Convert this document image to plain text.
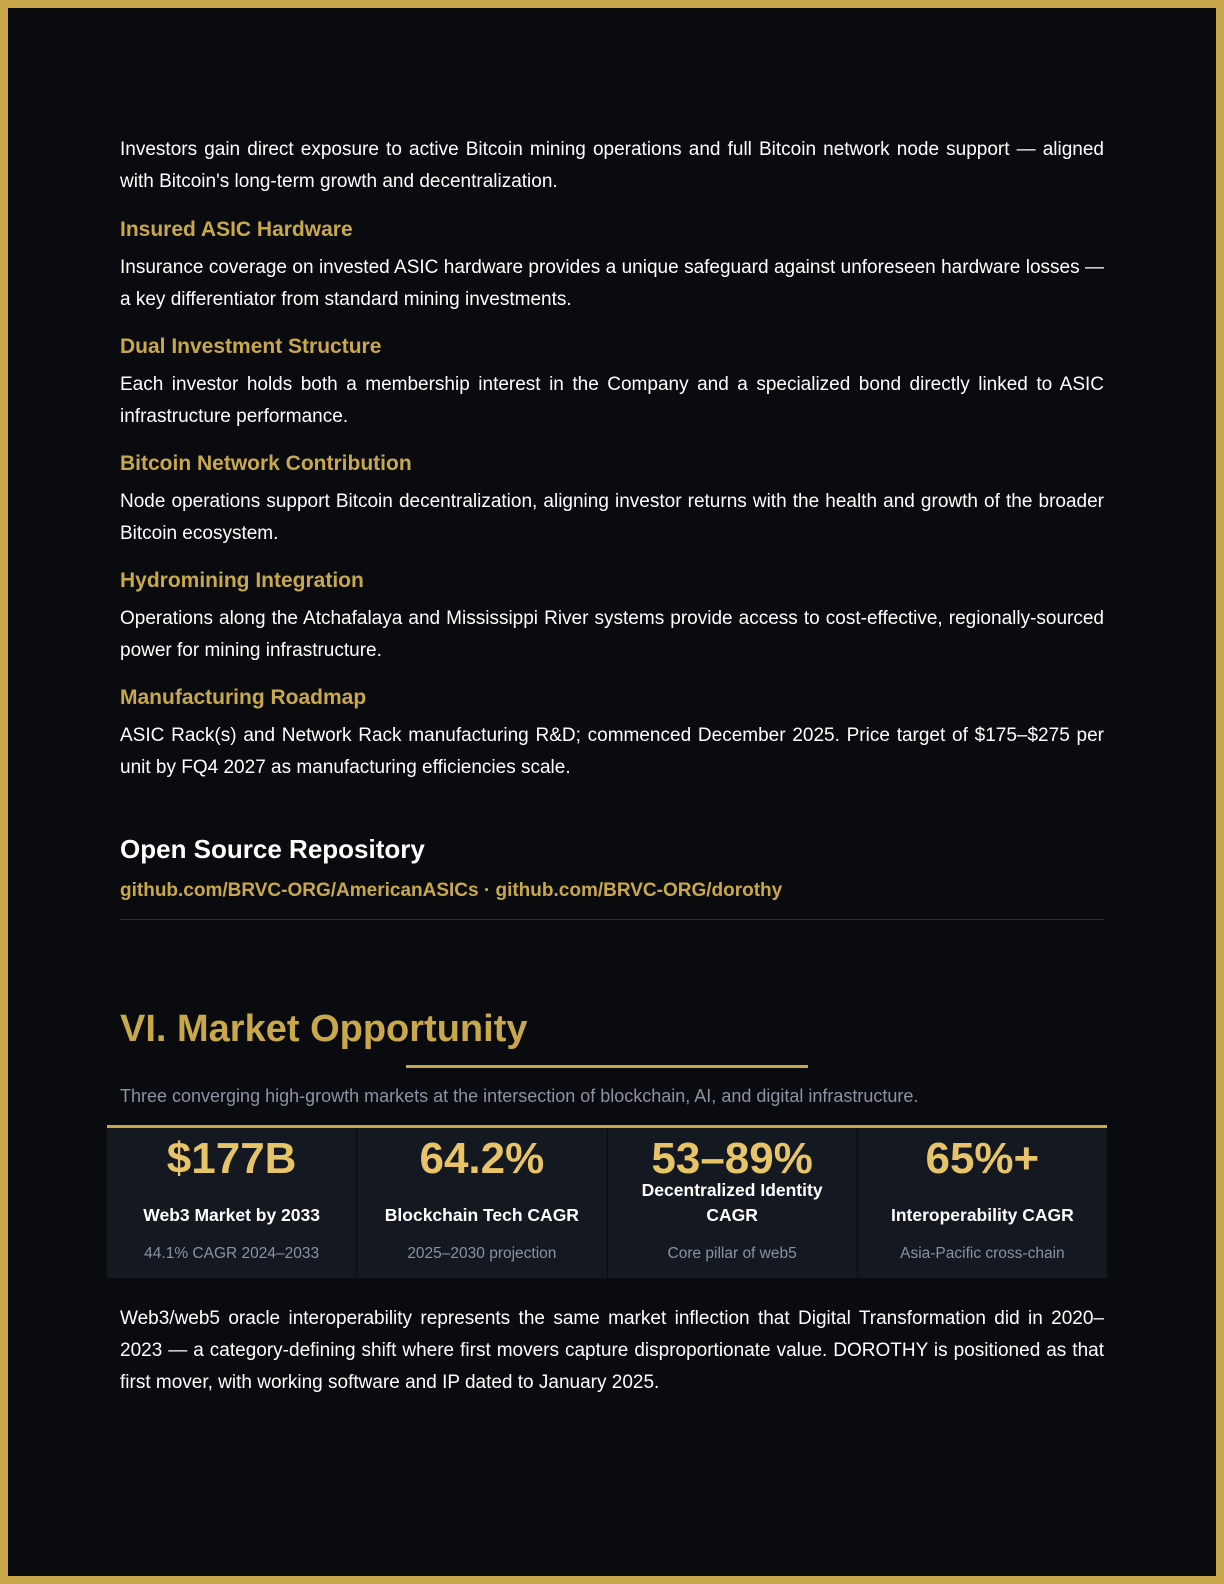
Investors gain direct exposure to active Bitcoin mining operations and full Bitcoin network node support — aligned with Bitcoin's long-term growth and decentralization.

Insured ASIC Hardware

Insurance coverage on invested ASIC hardware provides a unique safeguard against unforeseen hardware losses — a key differentiator from standard mining investments.

Dual Investment Structure

Each investor holds both a membership interest in the Company and a specialized bond directly linked to ASIC infrastructure performance.

Bitcoin Network Contribution

Node operations support Bitcoin decentralization, aligning investor returns with the health and growth of the broader Bitcoin ecosystem.

Hydromining Integration

Operations along the Atchafalaya and Mississippi River systems provide access to cost-effective, regionally-sourced power for mining infrastructure.

Manufacturing Roadmap

ASIC Rack(s) and Network Rack manufacturing R&D; commenced December 2025. Price target of $175–$275 per unit by FQ4 2027 as manufacturing efficiencies scale.

Open Source Repository

github.com/BRVC-ORG/AmericanASICs · github.com/BRVC-ORG/dorothy

VI. Market Opportunity

Three converging high-growth markets at the intersection of blockchain, AI, and digital infrastructure.

$177B
Web3 Market by 2033
44.1% CAGR 2024–2033
64.2%
Blockchain Tech CAGR
2025–2030 projection
53–89%
Decentralized Identity CAGR
Core pillar of web5
65%+
Interoperability CAGR
Asia-Pacific cross-chain

Web3/web5 oracle interoperability represents the same market inflection that Digital Transformation did in 2020–2023 — a category-defining shift where first movers capture disproportionate value. DOROTHY is positioned as that first mover, with working software and IP dated to January 2025.
